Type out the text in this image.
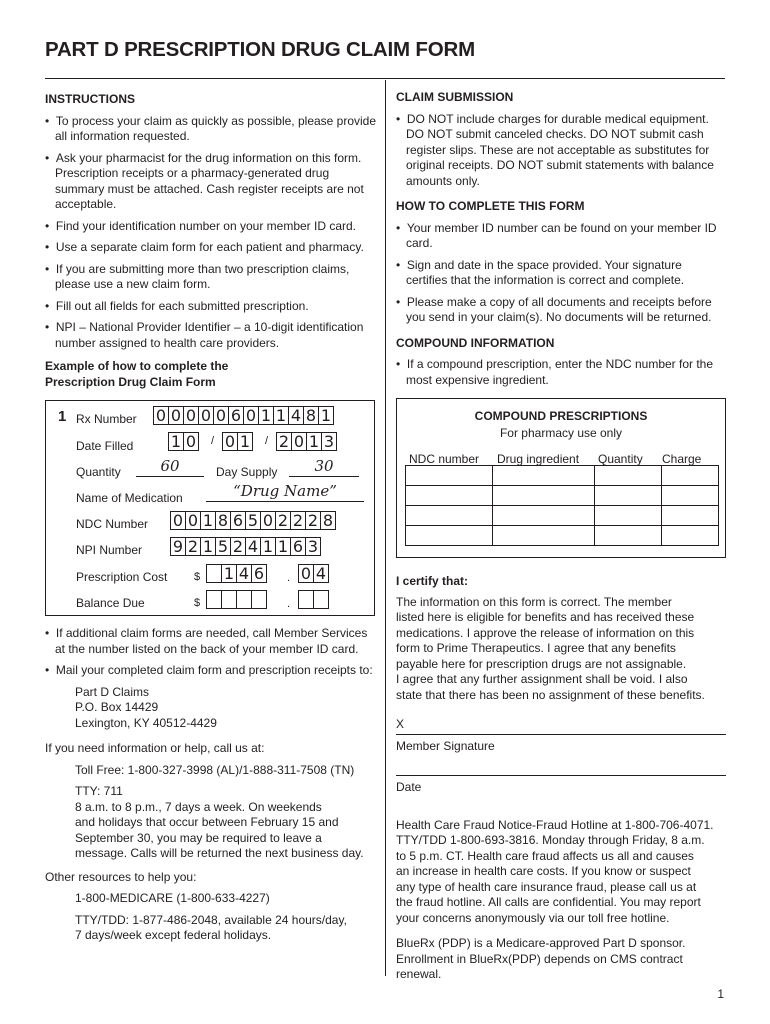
PART D PRESCRIPTION DRUG CLAIM FORM
INSTRUCTIONS
•  To process your claim as quickly as possible, please provide all information requested.
•  Ask your pharmacist for the drug information on this form. Prescription receipts or a pharmacy-generated drug summary must be attached. Cash register receipts are not acceptable.
•  Find your identification number on your member ID card.
•  Use a separate claim form for each patient and pharmacy.
•  If you are submitting more than two prescription claims, please use a new claim form.
•  Fill out all fields for each submitted prescription.
•  NPI – National Provider Identifier – a 10-digit identification number assigned to health care providers.
Example of how to complete the
Prescription Drug Claim Form
1 Rx Number 0 0 0 0 0 6 0 1 1 4 8 1
Date Filled 1 0 / 0 1 / 2 0 1 3
Quantity	60	Day Supply	30
Name of Medication	“Drug Name”
NDC Number 0 0 1 8 6 5 0 2 2 2 8
NPI Number 9 2 1 5 2 4 1 1 6 3
Prescription Cost $ 1 4 6 . 0 4
Balance Due	$	.
•  If additional claim forms are needed, call Member Services at the number listed on the back of your member ID card.
•  Mail your completed claim form and prescription receipts to:
Part D Claims
P.O. Box 14429
Lexington, KY 40512-4429
If you need information or help, call us at:
Toll Free: 1-800-327-3998 (AL)/1-888-311-7508 (TN)
TTY: 711
8 a.m. to 8 p.m., 7 days a week. On weekends
and holidays that occur between February 15 and
September 30, you may be required to leave a
message. Calls will be returned the next business day.
Other resources to help you:
1-800-MEDICARE (1-800-633-4227)
TTY/TDD: 1-877-486-2048, available 24 hours/day,
7 days/week except federal holidays.
CLAIM SUBMISSION
•  DO NOT include charges for durable medical equipment. DO NOT submit canceled checks. DO NOT submit cash register slips. These are not acceptable as substitutes for original receipts. DO NOT submit statements with balance amounts only.
HOW TO COMPLETE THIS FORM
•  Your member ID number can be found on your member ID card.
•  Sign and date in the space provided. Your signature certifies that the information is correct and complete.
•  Please make a copy of all documents and receipts before you send in your claim(s). No documents will be returned.
COMPOUND INFORMATION
•  If a compound prescription, enter the NDC number for the most expensive ingredient.
COMPOUND PRESCRIPTIONS
For pharmacy use only
NDC number	Drug ingredient	Quantity	Charge

I certify that:
The information on this form is correct. The member
listed here is eligible for benefits and has received these
medications. I approve the release of information on this
form to Prime Therapeutics. I agree that any benefits
payable here for prescription drugs are not assignable.
I agree that any further assignment shall be void. I also
state that there has been no assignment of these benefits.
X
Member Signature
Date
Health Care Fraud Notice-Fraud Hotline at 1-800-706-4071.
TTY/TDD 1-800-693-3816. Monday through Friday, 8 a.m.
to 5 p.m. CT. Health care fraud affects us all and causes
an increase in health care costs. If you know or suspect
any type of health care insurance fraud, please call us at
the fraud hotline. All calls are confidential. You may report
your concerns anonymously via our toll free hotline.
BlueRx (PDP) is a Medicare-approved Part D sponsor.
Enrollment in BlueRx(PDP) depends on CMS contract
renewal.
1
